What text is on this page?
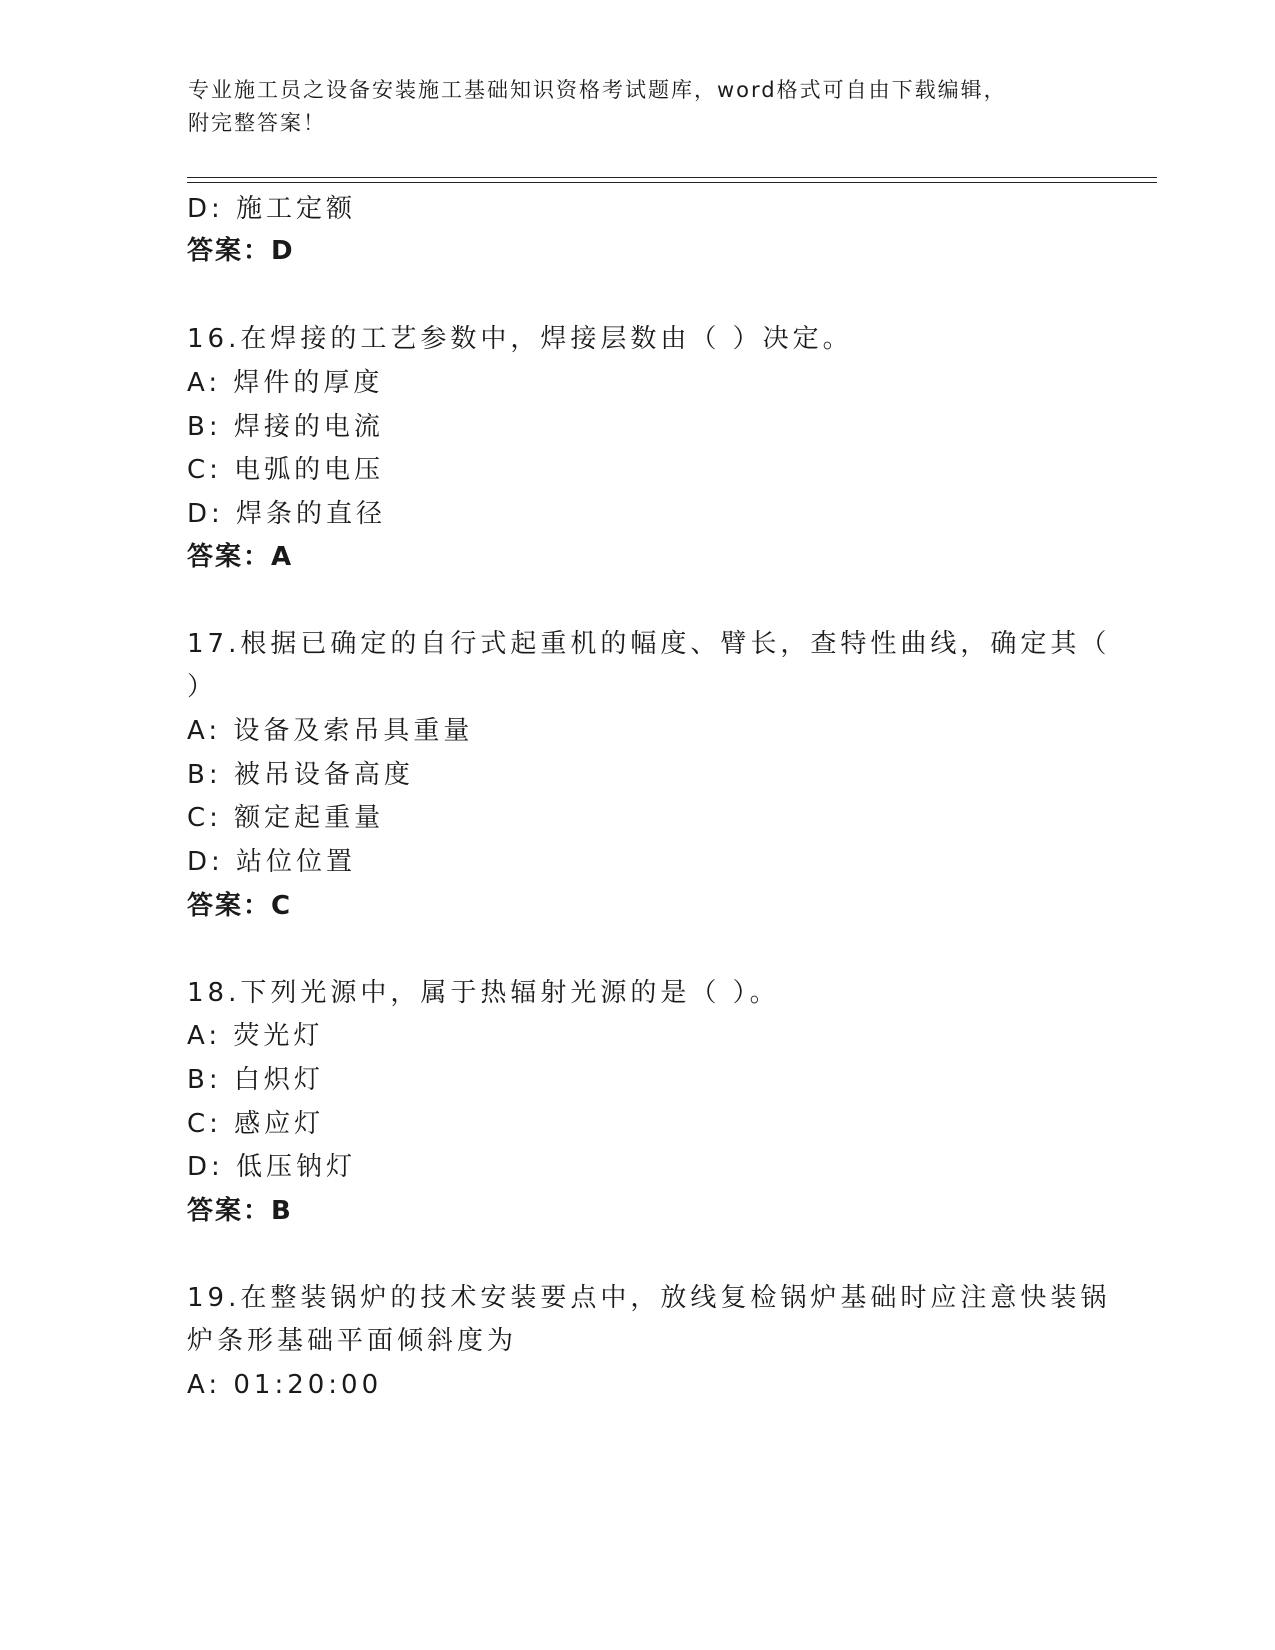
专业施工员之设备安装施工基础知识资格考试题库，word格式可自由下载编辑，
附完整答案！
D: 施工定额
答案：D
16.在焊接的工艺参数中，焊接层数由（ ）决定。
A: 焊件的厚度
B: 焊接的电流
C: 电弧的电压
D: 焊条的直径
答案：A
17.根据已确定的自行式起重机的幅度、臂长，查特性曲线，确定其（
）
A: 设备及索吊具重量
B: 被吊设备高度
C: 额定起重量
D: 站位位置
答案：C
18.下列光源中，属于热辐射光源的是（ ）。
A: 荧光灯
B: 白炽灯
C: 感应灯
D: 低压钠灯
答案：B
19.在整装锅炉的技术安装要点中，放线复检锅炉基础时应注意快装锅
炉条形基础平面倾斜度为
A: 01:20:00
